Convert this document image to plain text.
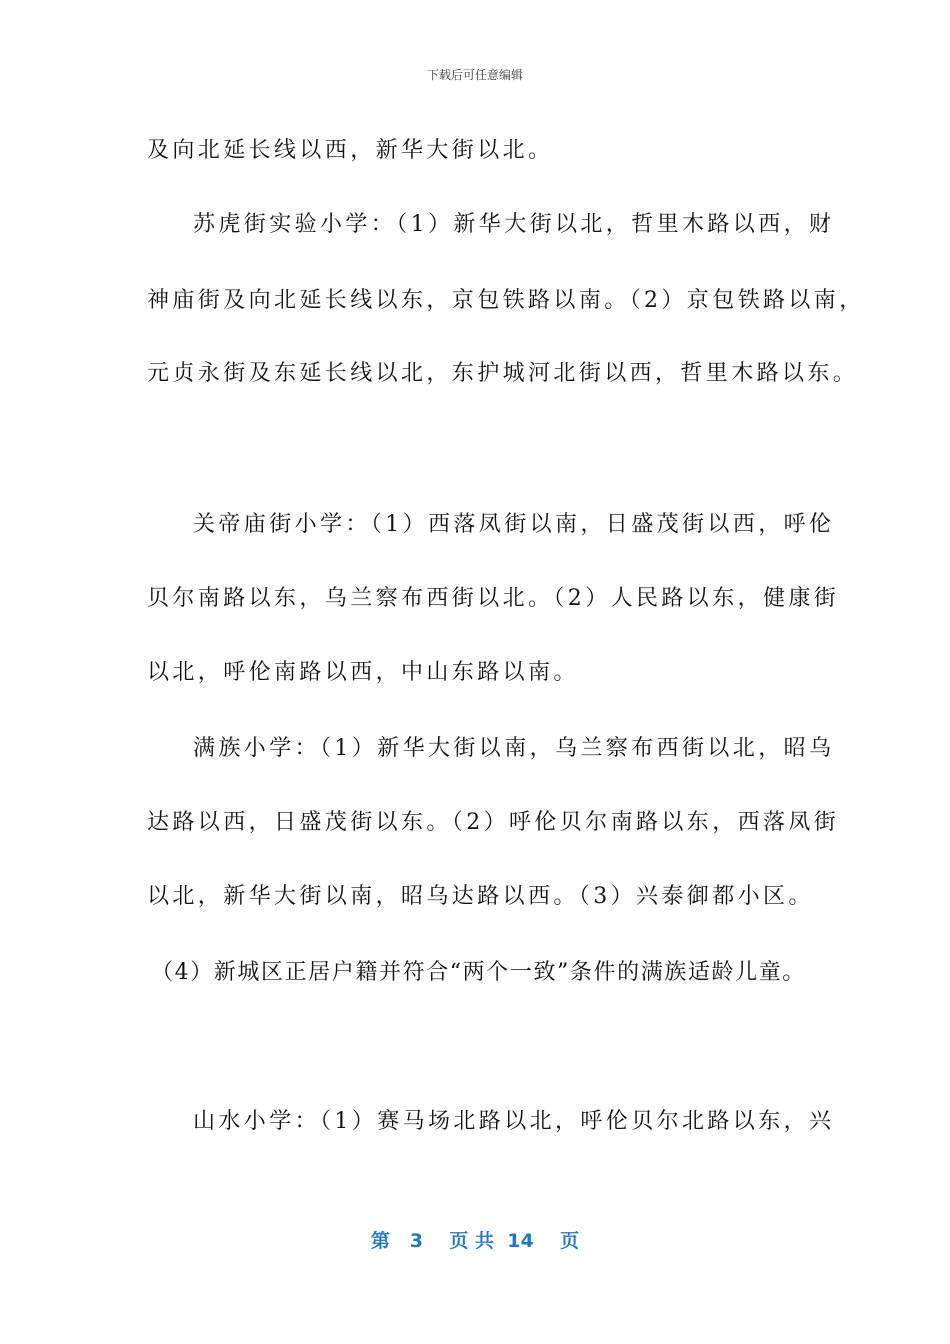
下载后可任意编辑
及向北延长线以西，新华大街以北。
苏虎街实验小学：（1）新华大街以北，哲里木路以西，财
神庙街及向北延长线以东，京包铁路以南。（2）京包铁路以南，
元贞永街及东延长线以北，东护城河北街以西，哲里木路以东。
关帝庙街小学：（1）西落凤街以南，日盛茂街以西，呼伦
贝尔南路以东，乌兰察布西街以北。（2）人民路以东，健康街
以北，呼伦南路以西，中山东路以南。
满族小学：（1）新华大街以南，乌兰察布西街以北，昭乌
达路以西，日盛茂街以东。（2）呼伦贝尔南路以东，西落凤街
以北，新华大街以南，昭乌达路以西。（3）兴泰御都小区。
（4）新城区正居户籍并符合“两个一致”条件的满族适龄儿童。
山水小学：（1）赛马场北路以北，呼伦贝尔北路以东，兴
第 3 页 共 14 页
